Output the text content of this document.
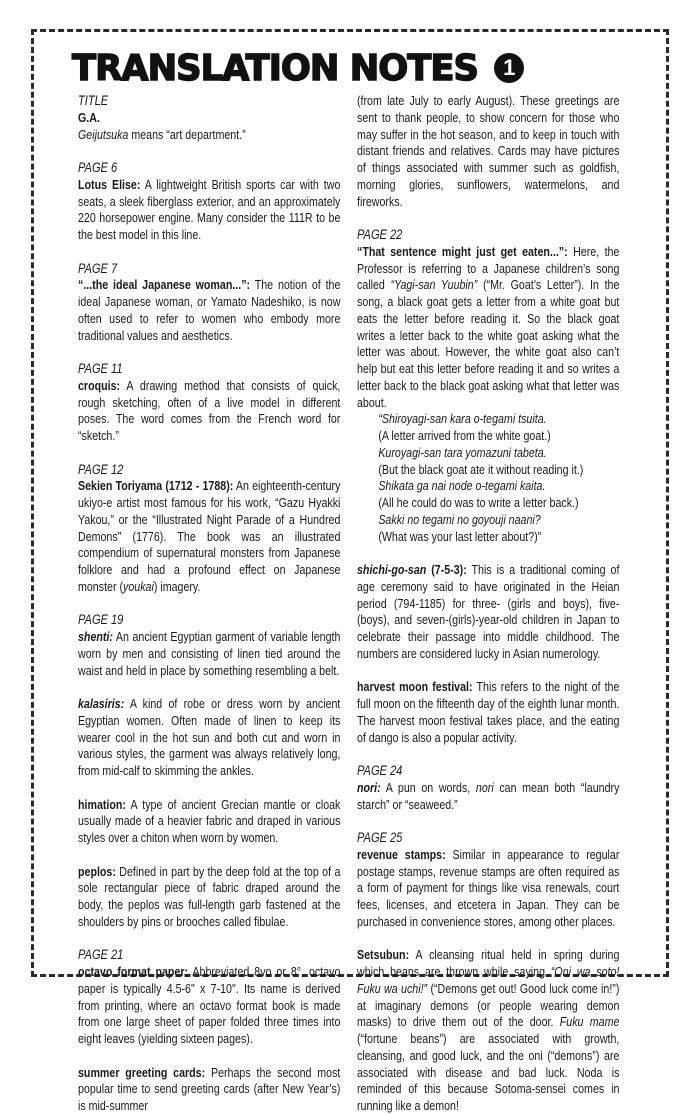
TRANSLATION NOTES	1
TITLE

G.A.

Geijutsuka means “art department.”

PAGE 6

Lotus Elise: A lightweight British sports car with two seats, a sleek fiberglass exterior, and an approximately 220 horsepower engine. Many consider the 111R to be the best model in this line.

PAGE 7

“...the ideal Japanese woman...”: The notion of the ideal Japanese woman, or Yamato Nadeshiko, is now often used to refer to women who embody more traditional values and aesthetics.

PAGE 11

croquis: A drawing method that consists of quick, rough sketching, often of a live model in different poses. The word comes from the French word for “sketch.”

PAGE 12

Sekien Toriyama (1712 - 1788): An eighteenth-century ukiyo-e artist most famous for his work, “Gazu Hyakki Yakou,” or the “Illustrated Night Parade of a Hundred Demons” (1776). The book was an illustrated compendium of supernatural monsters from Japanese folklore and had a profound effect on Japanese monster (youkai) imagery.

PAGE 19

shenti: An ancient Egyptian garment of variable length worn by men and consisting of linen tied around the waist and held in place by something resembling a belt.

kalasiris: A kind of robe or dress worn by ancient Egyptian women. Often made of linen to keep its wearer cool in the hot sun and both cut and worn in various styles, the garment was always relatively long, from mid-calf to skimming the ankles.

himation: A type of ancient Grecian mantle or cloak usually made of a heavier fabric and draped in various styles over a chiton when worn by women.

peplos: Defined in part by the deep fold at the top of a sole rectangular piece of fabric draped around the body, the peplos was full-length garb fastened at the shoulders by pins or brooches called fibulae.

PAGE 21

octavo format paper: Abbreviated 8vo or 8°, octavo paper is typically 4.5-6" x 7-10". Its name is derived from printing, where an octavo format book is made from one large sheet of paper folded three times into eight leaves (yielding sixteen pages).

summer greeting cards: Perhaps the second most popular time to send greeting cards (after New Year’s) is mid-summer

(from late July to early August). These greetings are sent to thank people, to show concern for those who may suffer in the hot season, and to keep in touch with distant friends and relatives. Cards may have pictures of things associated with summer such as goldfish, morning glories, sunflowers, watermelons, and fireworks.

PAGE 22

“That sentence might just get eaten...”: Here, the Professor is referring to a Japanese children’s song called “Yagi-san Yuubin” (“Mr. Goat’s Letter”). In the song, a black goat gets a letter from a white goat but eats the letter before reading it. So the black goat writes a letter back to the white goat asking what the letter was about. However, the white goat also can’t help but eat this letter before reading it and so writes a letter back to the black goat asking what that letter was about.

“Shiroyagi-san kara o-tegami tsuita.
(A letter arrived from the white goat.)
Kuroyagi-san tara yomazuni tabeta.
(But the black goat ate it without reading it.)
Shikata ga nai node o-tegami kaita.
(All he could do was to write a letter back.)
Sakki no tegami no goyouji naani?
(What was your last letter about?)”

shichi-go-san (7-5-3): This is a traditional coming of age ceremony said to have originated in the Heian period (794-1185) for three- (girls and boys), five- (boys), and seven-(girls)-year-old children in Japan to celebrate their passage into middle childhood. The numbers are considered lucky in Asian numerology.

harvest moon festival: This refers to the night of the full moon on the fifteenth day of the eighth lunar month. The harvest moon festival takes place, and the eating of dango is also a popular activity.

PAGE 24

nori: A pun on words, nori can mean both “laundry starch” or “seaweed.”

PAGE 25

revenue stamps: Similar in appearance to regular postage stamps, revenue stamps are often required as a form of payment for things like visa renewals, court fees, licenses, and etcetera in Japan. They can be purchased in convenience stores, among other places.

Setsubun: A cleansing ritual held in spring during which beans are thrown while saying “Oni wa soto! Fuku wa uchi!” (“Demons get out! Good luck come in!”) at imaginary demons (or people wearing demon masks) to drive them out of the door. Fuku mame (“fortune beans”) are associated with growth, cleansing, and good luck, and the oni (“demons”) are associated with disease and bad luck. Noda is reminded of this because Sotoma-sensei comes in running like a demon!
